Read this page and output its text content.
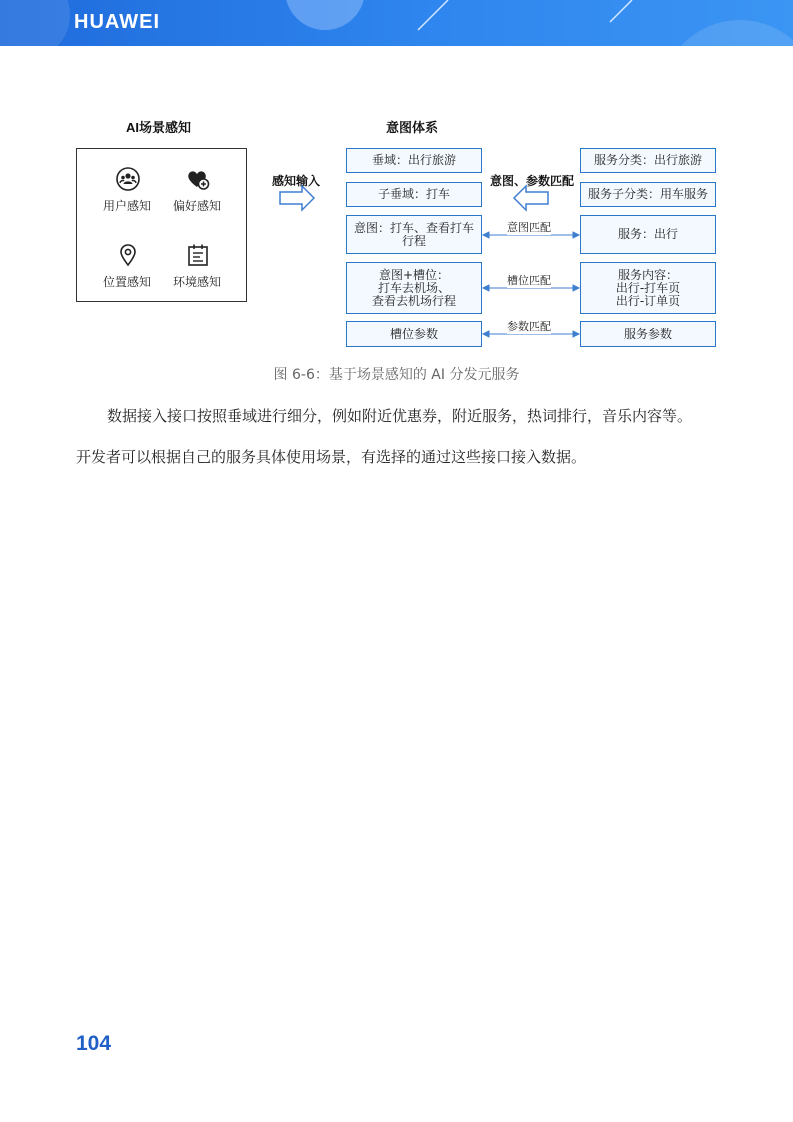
HUAWEI
AI场景感知	意图体系
用户感知 偏好感知
位置感知 环境感知
感知输入	意图、参数匹配
垂域：出行旅游
子垂域：打车
意图：打车、查看打车
行程
意图+槽位：
打车去机场、
查看去机场行程
槽位参数
服务分类：出行旅游
服务子分类：用车服务
服务：出行
服务内容：
出行-打车页
出行-订单页
服务参数
意图匹配
槽位匹配
参数匹配
图 6-6：基于场景感知的 AI 分发元服务
数据接入接口按照垂域进行细分，例如附近优惠券，附近服务，热词排行，音乐内容等。
开发者可以根据自己的服务具体使用场景，有选择的通过这些接口接入数据。
104
